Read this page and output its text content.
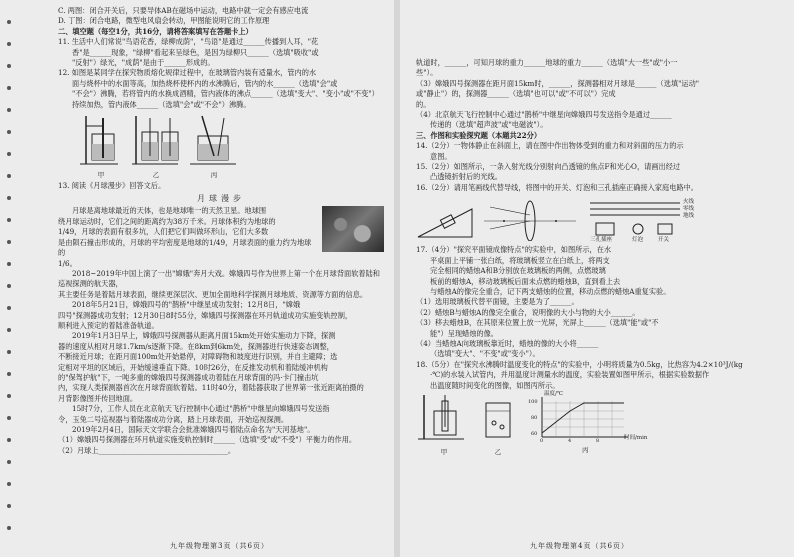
C. 两图：闭合开关后，只要导体AB在磁场中运动，电路中就一定会有感应电流

D. 丁图：闭合电路，微型电风扇会转动，甲图能说明它的工作原理

二、填空题（每空1分，共16分，请将答案填写在答题卡上）

11. 生活中人们常说"鸟语花香，绿柳成荫"，"鸟语"是通过______传播到人耳，"花

香"是______现象，"绿柳"看起来呈绿色，是因为绿柳只______（选填"吸收"或

"反射"）绿光，"成荫"是由于______形成的。

12. 如图是某同学在探究物质熔化规律过程中，在玻璃管内装有适量水，管内的水

面与烧杯中的水面等高，加热烧杯使杯内的水沸腾后，管内的水______（选填"会"或

"不会"）沸腾，若将管内的水换成酒精，管内液体的沸点______（选填"变大"、"变小"或"不变"）

持续加热，管内液体______（选填"会"或"不会"）沸腾。

甲	乙	丙

13. 阅读《月球漫步》回答文后。

月球漫步

月球是离地球最近的天体，也是地球唯一的天然卫星。地球围

绕月球运动时，它们之间的距离约为38万千米。月球体积约为地球的

1/49，月球的表面有很多坑，人们把它们叫做环形山，它们大多数

是由陨石撞击形成的，月球的平均密度是地球的1/49，月球表面的重力约为地球的

1/6。

2018~2019年中国上演了一出"嫦娥"奔月大戏。嫦娥四号作为世界上第一个在月球背面软着陆和巡视探测的航天器，

其主要任务是着陆月球表面，继续更深层次、更加全面地科学探测月球地质、资源等方面的信息。

2018年5月21日，嫦娥四号的"鹊桥"中继星成功发射；12月8日，"嫦娥

四号"探测器成功发射；12月30日8时55分，嫦娥四号探测器在环月轨道成功实施变轨控制，

顺利进入预定的着陆准备轨道。

2019年1月3日早上，嫦娥四号探测器从距离月面15km处开始实施动力下降，探测

器的速度从相对月球1.7km/s逐渐下降。在8km到6km处，探测器进行快速姿态调整，

不断接近月球；在距月面100m处开始悬停，对障碍物和坡度进行识别，并自主避障；选

定相对平坦的区域后，开始缓速垂直下降。10时26分，在反推发动机和着陆缓冲机构

的"保驾护航"下，一吨多重的嫦娥四号探测器成功着陆在月球背面的冯·卡门撞击坑

内，实现人类探测器首次在月球背面软着陆。11时40分，着陆器获取了世界第一张近距离拍摄的

月背影像图并传回地面。

15时7分，工作人员在北京航天飞行控制中心通过"鹊桥"中继星向嫦娥四号发送指

令，玉兔二号巡视器与着陆器成功分离，踏上月球表面，开始巡视探测。

2019年2月4日，国际天文学联合会批准嫦娥四号着陆点命名为"天河基地"。

（1）嫦娥四号探测器在环月轨道实施变轨控制时______（选填"受"或"不受"）平衡力的作用。

（2）月球上____________________________________。

九年级物理第3页（共6页）

轨道时，______，可知月球的重力______地球的重力______（选填"大一些"或"小一

些"）。

（3）嫦娥四号探测器在距月面15km时，______，探测器相对月球是______（选填"运动"

或"静止"）的，探测器______（选填"也可以"或"不可以"）完成

的。

（4）北京航天飞行控制中心通过"鹊桥"中继星向嫦娥四号发送指令是通过______

传递的（选填"超声波"或"电磁波"）。

三、作图和实验探究题（本题共22分）

14.（2分）一物体静止在斜面上，请在图中作出物体受到的重力和对斜面的压力的示

意图。

15.（2分）如图所示，一条入射光线分别射向凸透镜的焦点F和光心O，请画出经过

凸透镜折射后的光线。

16.（2分）请用笔画线代替导线，将图中的开关、灯泡和三孔插座正确接入家庭电路中。

火线
零线
地线
三孔插座	灯泡	开关

17.（4分）"探究平面镜成像特点"的实验中，如图所示，在水

平桌面上平铺一张白纸，将玻璃板竖立在白纸上，将两支

完全相同的蜡烛A和B分别放在玻璃板的两侧，点燃玻璃

板前的蜡烛A，移动玻璃板后面未点燃的蜡烛B，直到看上去

与蜡烛A的像完全重合，记下两支蜡烛的位置，移动点燃的蜡烛A重复实验。

（1）选用玻璃板代替平面镜，主要是为了______。

（2）蜡烛B与蜡烛A的像完全重合，说明像的大小与物的大小______。

（3）移去蜡烛B，在其原来位置上放一光屏，光屏上______（选填"能"或"不

能"）呈现蜡烛的像。

（4）当蜡烛A向玻璃板靠近时，蜡烛的像的大小将______

（选填"变大"、"不变"或"变小"）。

18.（5分）在"探究水沸腾时温度变化的特点"的实验中，小明将质量为0.5kg，比热容为4.2×10³J/(kg

·℃)的水装入试管内，并用温度计测量水的温度，实验装置如图甲所示，根据实验数据作

出温度随时间变化的图像，如图丙所示。

甲	乙
温度/℃
时间/min
100
80
60
0	4	8
丙
九年级物理第4页（共6页）
